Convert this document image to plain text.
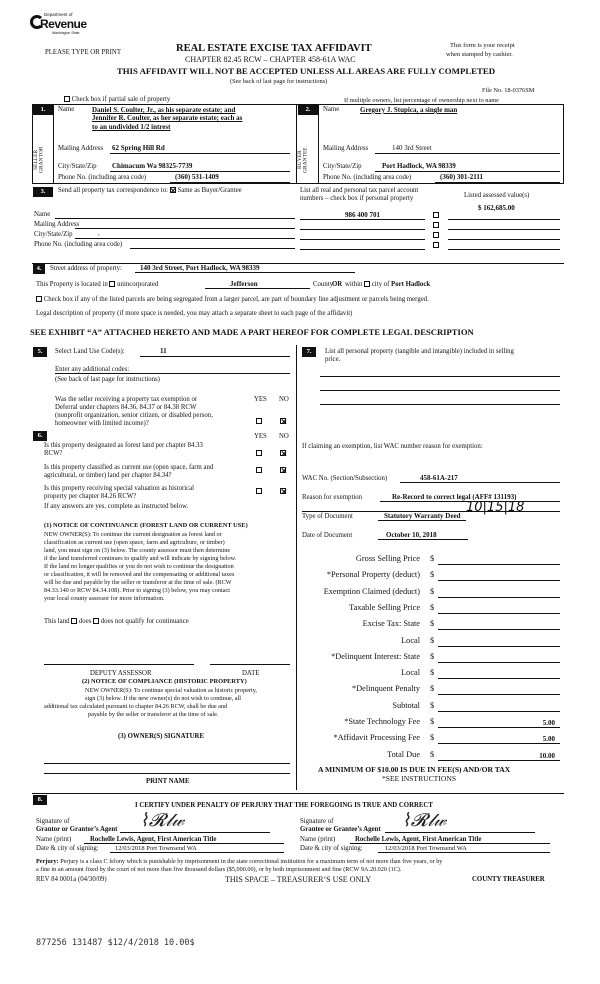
Department of
Revenue
Washington State
PLEASE TYPE OR PRINT	REAL ESTATE EXCISE TAX AFFIDAVIT
CHAPTER 82.45 RCW – CHAPTER 458-61A WAC
This form is your receipt
when stamped by cashier.
THIS AFFIDAVIT WILL NOT BE ACCEPTED UNLESS ALL AREAS ARE FULLY COMPLETED
(See back of last page for instructions)
File No. 18-0376SM
Check box if partial sale of property	If multiple owners, list percentage of ownership next to name
1.
SELLER GRANTOR
Name	Daniel S. Coulter, Jr., as his separate estate; and
Jennifer R. Coulter, as her separate estate; each as
to an undivided 1/2 intrest
Mailing Address 62 Spring Hill Rd
City/State/Zip Chimacum Wa 98325-7739
Phone No. (including area code)	(360) 531-1409
2.
BUYER GRANTEE
Name	Gregory J. Stupica, a single man
Mailing Address	140 3rd Street
City/State/Zip	Port Hadlock, WA 98339
Phone No. (including area code)	(360) 301-2111
3.	Send all property tax correspondence to: Same as Buyer/Grantee	List all real and personal tax parcel account
numbers – check box if personal property	Listed assessed value(s)
Name
Mailing Address
City/State/Zip	,
Phone No. (including area code)
986 400 701
$ 162,685.00
4.	Street address of property:	140 3rd Street, Port Hadlock, WA 98339
This Property is located in unincorporated	Jefferson	County
OR within city of Port Hadlock
Check box if any of the listed parcels are being segregated from a larger parcel, are part of boundary line adjustment or parcels being merged.
Legal description of property (if more space is needed, you may attach a separate sheet to each page of the affidavit)
SEE EXHIBIT “A” ATTACHED HERETO AND MADE A PART HEREOF FOR COMPLETE LEGAL DESCRIPTION
5.	Select Land Use Code(s):	11
Enter any additional codes:
(See back of last page for instructions)
YES NO
Was the seller receiving a property tax exemption or
Deferral under chapters 84.36, 84.37 or 84.38 RCW
(nonprofit organization, senior citizen, or disabled person,
homeowner with limited income)?
6.	YES NO
Is this property designated as forest land per chapter 84.33
RCW?
Is this property classified as current use (open space, farm and
agricultural, or timber) land per chapter 84.34?
Is this property receiving special valuation as historical
property per chapter 84.26 RCW?
If any answers are yes, complete as instructed below.
(1) NOTICE OF CONTINUANCE (FOREST LAND OR CURRENT USE)
NEW OWNER(S): To continue the current designation as forest land or
classification as current use (open space, farm and agriculture, or timber)
land, you must sign on (3) below. The county assessor must then determine
if the land transferred continues to qualify and will indicate by signing below.
If the land no longer qualifies or you do not wish to continue the designation
or classification, it will be removed and the compensating or additional taxes
will be due and payable by the seller or transferor at the time of sale. (RCW
84.33.140 or RCW 84.34.108). Prior to signing (3) below, you may contact
your local county assessor for more information.
This land does does not qualify for continuance
DEPUTY ASSESSOR	DATE
(2) NOTICE OF COMPLIANCE (HISTORIC PROPERTY)
NEW OWNER(S): To continue special valuation as historic property,
sign (3) below. If the new owner(s) do not wish to continue, all
additional tax calculated pursuant to chapter 84.26 RCW, shall be due and
payable by the seller or transferor at the time of sale.
(3) OWNER(S) SIGNATURE
PRINT NAME
7.	List all personal property (tangible and intangible) included in selling
price.
If claiming an exemption, list WAC number reason for exemption:
WAC No. (Section/Subsection)	458-61A-217
Reason for exemption	Re-Record to correct legal (AFF# 131193)
Type of Document	Statutory Warranty Deed
10|15|18
Date of Document	October 10, 2018
Gross Selling Price $
*Personal Property (deduct) $
Exemption Claimed (deduct) $
Taxable Selling Price $
Excise Tax: State $
Local $
*Delinquent Interest: State $
Local $
*Delinquent Penalty $
Subtotal $
*State Technology Fee $	5.00
*Affidavit Processing Fee $	5.00
Total Due $	10.00
A MINIMUM OF $10.00 IS DUE IN FEE(S) AND/OR TAX
*SEE INSTRUCTIONS
8.
I CERTIFY UNDER PENALTY OF PERJURY THAT THE FOREGOING IS TRUE AND CORRECT
Signature of
Grantor or Grantor’s Agent ⌇𝓡𝓁𝓌
Name (print)	Rochelle Lewis, Agent, First American Title
Date & city of signing:	12/03/2018 Port Townsend WA
Signature of
Grantee or Grantee’s Agent ⌇𝓡𝓁𝓌
Name (print)	Rochelle Lewis, Agent, First American Title
Date & city of signing:	12/03/2018 Port Townsend WA
Perjury: Perjury is a class C felony which is punishable by imprisonment in the state correctional institution for a maximum term of not more than five years, or by
a fine in an amount fixed by the court of not more than five thousand dollars ($5,000.00), or by both imprisonment and fine (RCW 9A.20.020 (1C).
REV 84 0001a (04/30/09)	THIS SPACE – TREASURER’S USE ONLY	COUNTY TREASURER
877256 131487 $12/4/2018 10.00$
